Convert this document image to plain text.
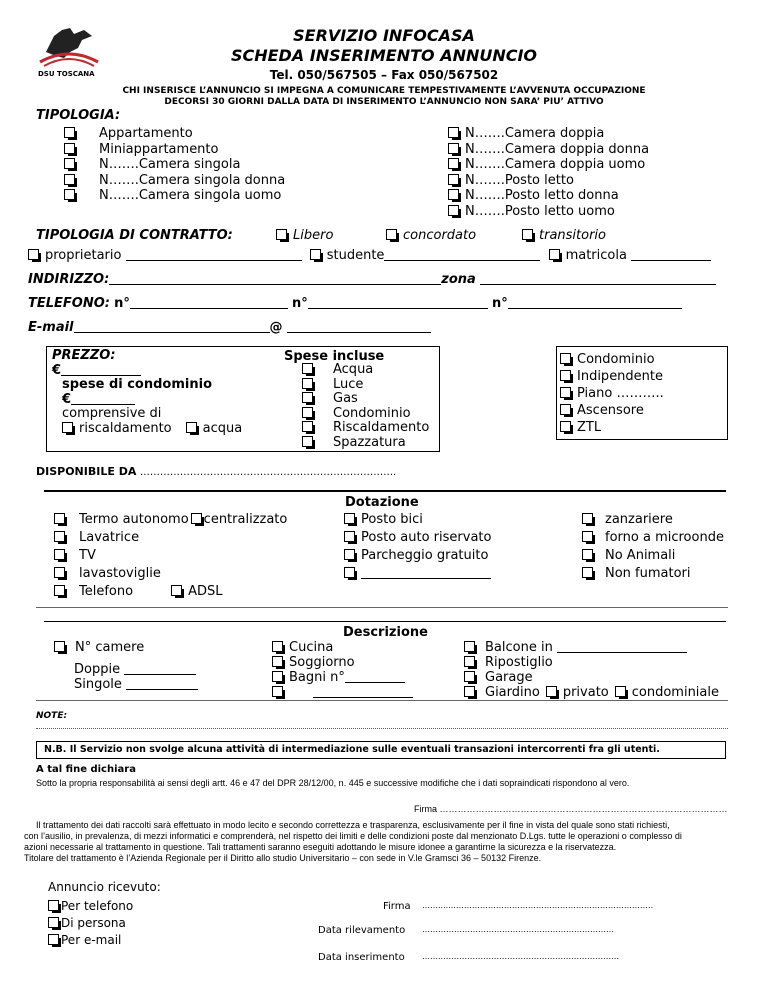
DSU TOSCANA
SERVIZIO INFOCASA
SCHEDA INSERIMENTO ANNUNCIO
Tel. 050/567505 – Fax 050/567502
CHI INSERISCE L’ANNUNCIO SI IMPEGNA A COMUNICARE TEMPESTIVAMENTE L’AVVENUTA OCCUPAZIONE
DECORSI 30 GIORNI DALLA DATA DI INSERIMENTO L’ANNUNCIO NON SARA’ PIU’ ATTIVO
TIPOLOGIA:
Appartamento
Miniappartamento
N…….Camera singola
N…….Camera singola donna
N…….Camera singola uomo
N…….Camera doppia
N…….Camera doppia donna
N…….Camera doppia uomo
N…….Posto letto
N…….Posto letto donna
N…….Posto letto uomo
TIPOLOGIA DI CONTRATTO:	Libero	concordato	transitorio
proprietario	studente	matricola
INDIRIZZO:	zona
TELEFONO: n°	n°	n°
E-mail	@
PREZZO:
€
spese di condominio
€
comprensive di
riscaldamento acqua
Spese incluse
Acqua
Luce
Gas
Condominio
Riscaldamento
Spazzatura
Condominio
Indipendente
Piano ………..
Ascensore
ZTL
DISPONIBILE DA …………………………………………………………………..
Dotazione
Termo autonomo centralizzato
Lavatrice
TV
lavastoviglie
Telefono	ADSL
Posto bici
Posto auto riservato
Parcheggio gratuito
zanzariere
forno a microonde
No Animali
Non fumatori
Descrizione
N° camere
Doppie
Singole
Cucina
Soggiorno
Bagni n°
Balcone in
Ripostiglio
Garage
Giardino privato condominiale
NOTE:
N.B. Il Servizio non svolge alcuna attività di intermediazione sulle eventuali transazioni intercorrenti fra gli utenti.
A tal fine dichiara
Sotto la propria responsabilità ai sensi degli artt. 46 e 47 del DPR 28/12/00, n. 445 e successive modifiche che i dati sopraindicati rispondono al vero.
Firma ……………………………………………………………………………………
Il trattamento dei dati raccolti sarà effettuato in modo lecito e secondo correttezza e trasparenza, esclusivamente per il fine in vista del quale sono stati richiesti,
con l’ausilio, in prevalenza, di mezzi informatici e comprenderà, nel rispetto dei limiti e delle condizioni poste dal menzionato D.Lgs. tutte le operazioni o complesso di
azioni necessarie al trattamento in questione. Tali trattamenti saranno eseguiti adottando le misure idonee a garantirne la sicurezza e la riservatezza.
Titolare del trattamento è l’Azienda Regionale per il Diritto allo studio Universitario – con sede in V.le Gramsci 36 – 50132 Firenze.
Annuncio ricevuto:
Per telefono
Di persona
Per e-mail
Firma ……......…………………………………………………………………
Data rilevamento ………………………………………………………………
Data inserimento ……..…………………………………………………………
